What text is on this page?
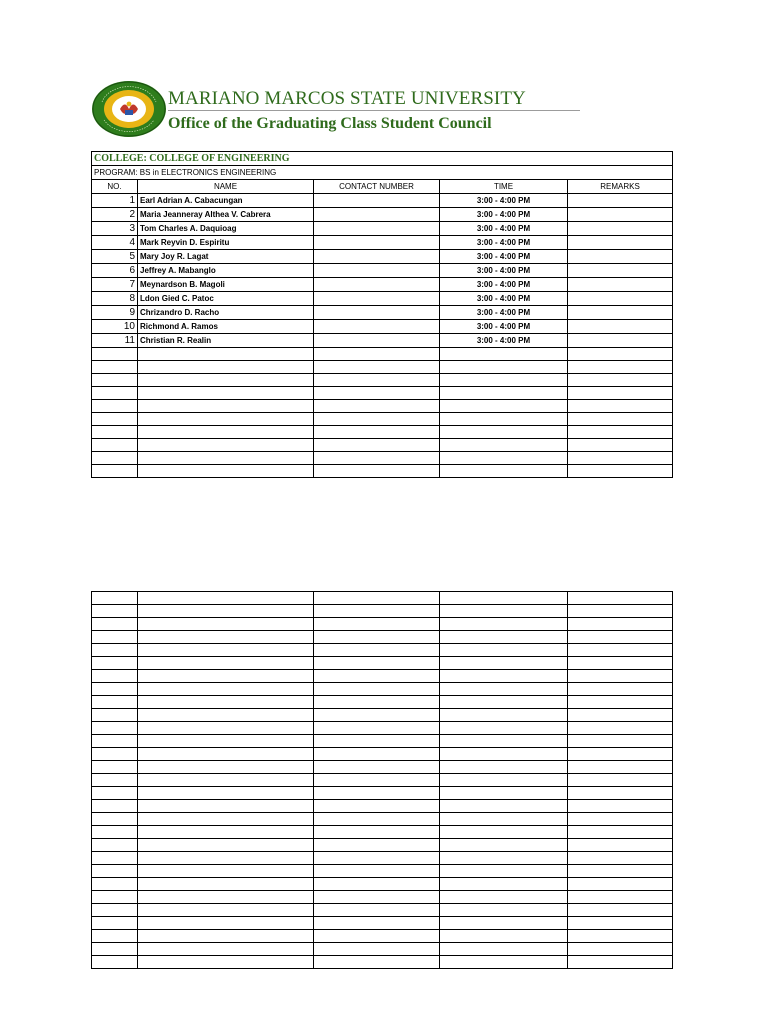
MARIANO MARCOS STATE UNIVERSITY
Office of the Graduating Class Student Council
COLLEGE: COLLEGE OF ENGINEERING				
PROGRAM: BS in ELECTRONICS ENGINEERING				
NO.	NAME	CONTACT NUMBER	TIME	REMARKS
1	Earl Adrian A. Cabacungan		3:00 - 4:00 PM	
2	Maria Jeanneray Althea V. Cabrera		3:00 - 4:00 PM	
3	Tom Charles A. Daquioag		3:00 - 4:00 PM	
4	Mark Reyvin D. Espiritu		3:00 - 4:00 PM	
5	Mary Joy R. Lagat		3:00 - 4:00 PM	
6	Jeffrey A. Mabanglo		3:00 - 4:00 PM	
7	Meynardson B. Magoli		3:00 - 4:00 PM	
8	Ldon Gied C. Patoc		3:00 - 4:00 PM	
9	Chrizandro D. Racho		3:00 - 4:00 PM	
10	Richmond A. Ramos		3:00 - 4:00 PM	
11	Christian R. Realin		3:00 - 4:00 PM	
